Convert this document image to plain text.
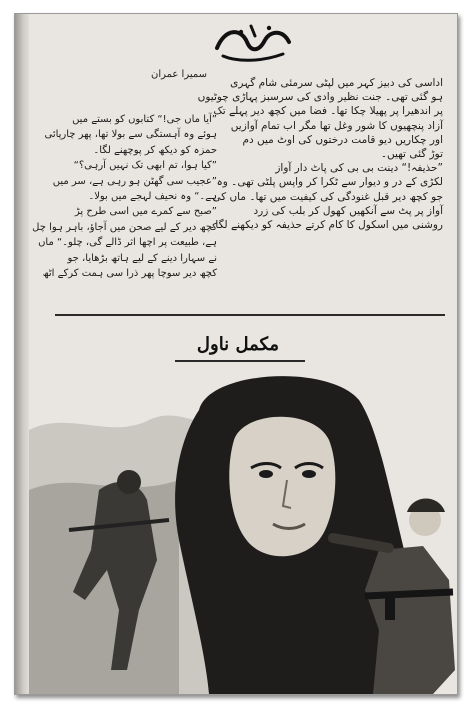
سمیرا عمران
اداسی کی دبیز کہر میں لپٹی سرمئی شام گہری
ہو گئی تھی۔ جنت نظیر وادی کی سرسبز پہاڑی چوٹیوں
پر اندھیرا پر پھیلا چکا تھا۔ فضا میں کچھ دیر پہلے تک
آزاد پنچھیوں کا شور وغل تھا مگر اب تمام آوازیں
اور چکاریں دیو قامت درختوں کی اوٹ میں دم
توڑ گئی تھیں۔
”حذیفہ!“ دینت بی بی کی پاٹ دار آواز
لکڑی کے در و دیوار سے ٹکرا کر واپس پلٹی تھی۔ وہ
جو کچھ دیر قبل غنودگی کی کیفیت میں تھا۔ ماں کی
آواز پر پٹ سے آنکھیں کھول کر بلب کی زرد
روشنی میں اسکول کا کام کرتے حذیفہ کو دیکھنے لگا۔
”آیا ماں جی!“ کتابوں کو بستے میں
ہوئے وہ آہستگی سے بولا تھا، پھر چارپائی
حمزہ کو دیکھ کر پوچھنے لگا۔
”کیا ہوا، تم ابھی تک نہیں آرہی؟“
”عجیب سی گھٹن ہو رہی ہے، سر میں
ہے۔“ وہ نحیف لہجے میں بولا۔
”صبح سے کمرے میں اسی طرح پڑ
کچھ دیر کے لیے صحن میں آجاؤ، باہر ہوا چل
ہے، طبیعت پر اچھا اثر ڈالے گی، چلو۔“ ماں
نے سہارا دینے کے لیے ہاتھ بڑھایا، جو
کچھ دیر سوچا پھر ذرا سی ہمت کرکے اٹھ
مکمل ناول
